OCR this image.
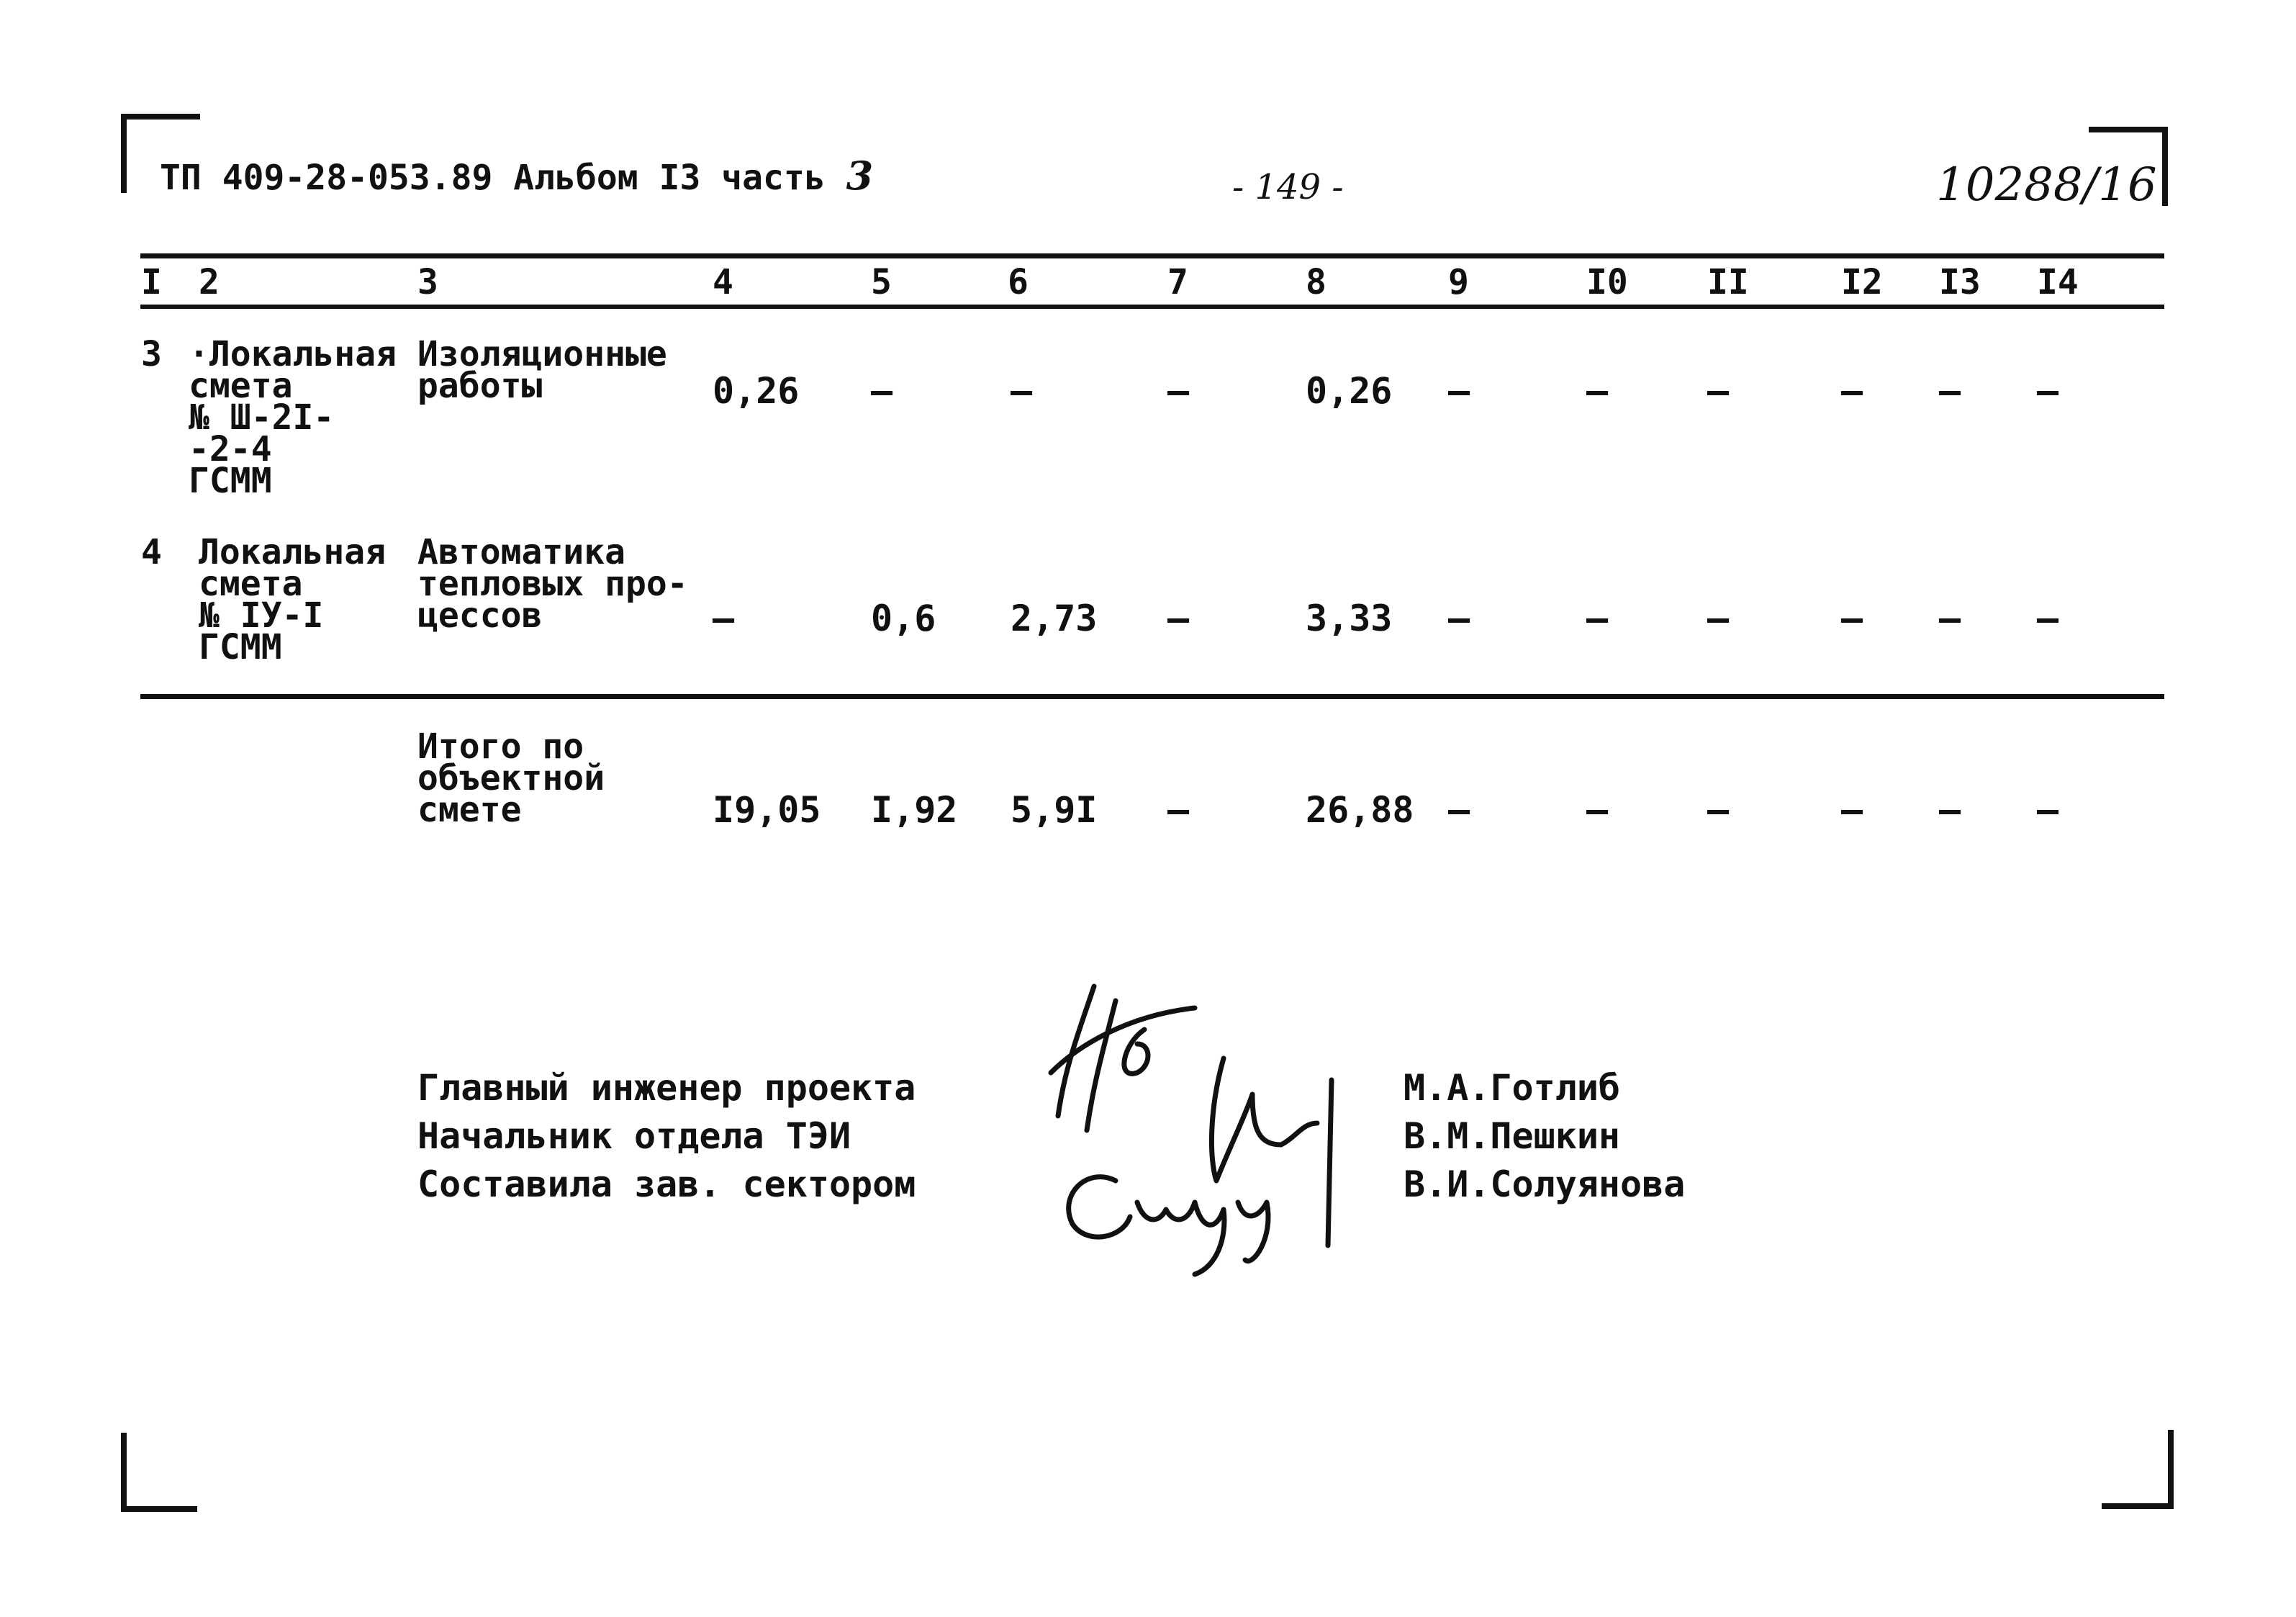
ТП 409-28-053.89 Альбом I3 часть 3	- 149 -	10288/16
I 2	3	4	5	6	7	8	9	I0 II	I2 I3 I4
3 ·Локальная
смета
№ Ш-2I-
-2-4
ГСММ
Изоляционные
работы	0,26 –	–	–	0,26 –	–	–	– – –
4 Локальная
смета
№ IУ-I
ГСММ
Автоматика
тепловых про-
цессов	–	0,6 2,73 –	3,33 –	–	–	– – –
Итого по
объектной
смете	I9,05 I,92 5,9I –	26,88 –	–	–	– – –
Главный инженер проекта
Начальник отдела ТЭИ
Составила зав. сектором
М.А.Готлиб
В.М.Пешкин
В.И.Солуянова
